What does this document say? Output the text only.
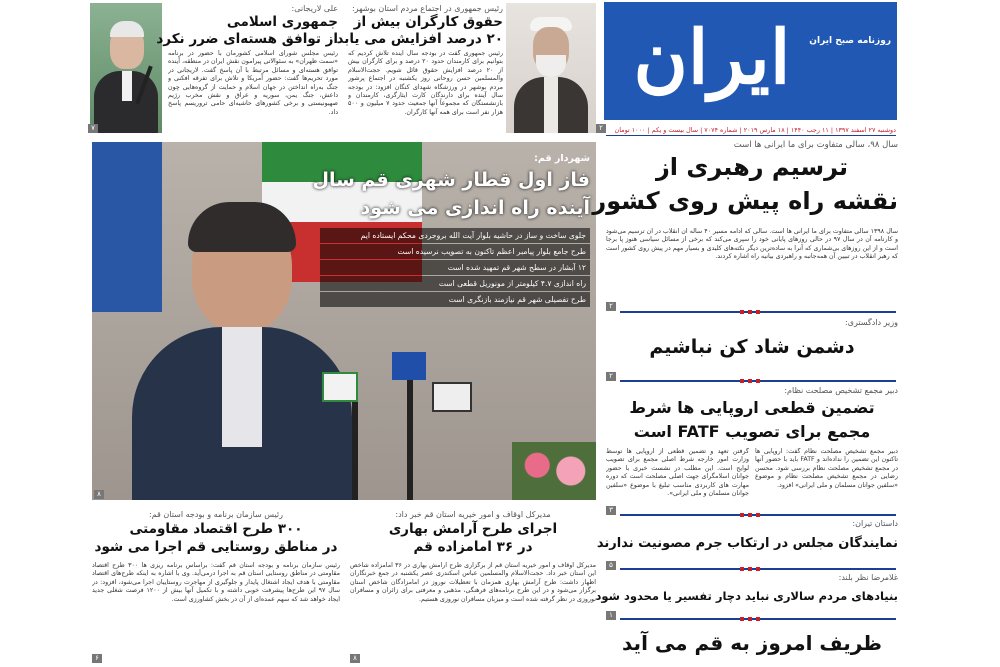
ایران	روزنامه صبح ایران
دوشنبه ۲۷ اسفند ۱۳۹۷ | ۱۱ رجب ۱۴۴۰ | ۱۸ مارس ۲۰۱۹ | شماره ۷۰۷۴ | سال بیست و یکم | ۱۰۰۰ تومان
۲
رئیس جمهوری در اجتماع مردم استان بوشهر:
حقوق کارگران بیش از
۲۰ درصد افزایش می یابد
رئیس جمهوری گفت در بودجه سال آینده تلاش کردیم که بتوانیم برای کارمندان حدود ۲۰ درصد و برای کارگران بیش از ۲۰ درصد افزایش حقوق قائل شویم. حجت‌الاسلام والمسلمین حسن روحانی روز یکشنبه در اجتماع پرشور مردم بوشهر در ورزشگاه شهدای کنگان افزود: در بودجه سال آینده برای دارندگان کارت ایثارگری، کارمندان و بازنشستگان که مجموعاً آنها جمعیت حدود ۷ میلیون و ۵۰۰ هزار نفر است برای همه آنها کارگران.
۷
علی لاریجانی:
جمهوری اسلامی
از توافق هسته‌ای ضرر نکرد
رئیس مجلس شورای اسلامی کشورمان با حضور در برنامه «سمت ظهران» به سئوالاتی پیرامون نقش ایران در منطقه، آینده توافق هسته‌ای و مسائل مرتبط با آن پاسخ گفت. لاریجانی در مورد تحریم‌ها گفت: حضور آمریکا و تلاش برای تفرقه افکنی و جنگ به‌راه انداختن در جهان اسلام و حمایت از گروه‌هایی چون داعش، جنگ یمن، سوریه و عراق و نقش مخرب رژیم صهیونیستی و برخی کشورهای حاشیه‌ای حامی تروریسم پاسخ داد.
۸
شهردار قم:
فاز اول قطار شهری قم سال
آینده راه اندازی می شود
جلوی ساخت و ساز در حاشیه بلوار آیت الله بروجردی محکم ایستاده ایم
طرح جامع بلوار پیامبر اعظم تاکنون به تصویب نرسیده است
۱۲ آبشار در سطح شهر قم تمهید شده است
راه اندازی ۴.۷ کیلومتر از مونوریل قطعی است
طرح تفصیلی شهر قم نیازمند بازنگری است
سال ۹۸، سالی متفاوت برای ما ایرانی ها است
ترسیم رهبری از
نقشه راه پیش روی کشور
سال ۱۳۹۸ سالی متفاوت برای ما ایرانی ها است. سالی که ادامه مسیر ۴۰ ساله آن انقلاب در آن ترسیم می‌شود و کارنامه آن در سال ۹۷ در حالی روزهای پایانی خود را سپری می‌کند که برخی از مسائل سیاسی هنوز پا برجا است و از این روزهای بی‌شماری که آنرا به ساده‌ترین دیگر نکته‌های کلیدی و بسیار مهم در پیش روی کشور است که رهبر انقلاب در تبیین آن همه‌جانبه و راهبردی بیانیه راه اشاره کردند.
۲
وزیر دادگستری:
دشمن شاد کن نباشیم
۲
دبیر مجمع تشخیص مصلحت نظام:
تضمین قطعی اروپایی ها شرط
مجمع برای تصویب FATF است
دبیر مجمع تشخیص مصلحت نظام گفت: اروپایی ها تاکنون این تضمین را نداده‌اند و FATF باید با حضور آنها در مجمع تشخیص مصلحت نظام بررسی شود. محسن رضایی در مجمع تشخیص مصلحت نظام و موضوع «سلفین جوانان مسلمان و ملی ایرانی» افزود.
گرفتن تعهد و تضمین قطعی از اروپایی ها توسط وزارت امور خارجه شرط اصلی مجمع برای تصویب لوایح است. این مطلب در نشست خبری با حضور جوانان اسلامگرای جهت اصلی مصلحت است که دوره مهارت های کاربردی مناسب تبلیغ با موضوع «سلفین جوانان مسلمان و ملی ایرانی».
۳
داستان تیران:
نمایندگان مجلس در ارتکاب جرم مصونیت ندارند
۵
غلامرضا نظر بلند:
بنیادهای مردم سالاری نباید دچار تفسیر یا محدود شود
۱
ظریف امروز به قم می آید
مدیرکل اوقاف و امور خیریه استان قم خبر داد:
اجرای طرح آرامش بهاری
در ۳۶ امامزاده قم
مدیرکل اوقاف و امور خیریه استان قم از برگزاری طرح آرامش بهاری در ۳۶ امامزاده شاخص این استان خبر داد. حجت‌الاسلام والمسلمین عباس اسکندری عصر یکشنبه در جمع خبرنگاران اظهار داشت: طرح آرامش بهاری همزمان با تعطیلات نوروز در امامزادگان شاخص استان برگزار می‌شود و در این طرح برنامه‌های فرهنگی، مذهبی و معرفتی برای زائران و مسافران نوروزی در نظر گرفته شده است و میزبان مسافران نوروزی هستیم.
۸
رئیس سازمان برنامه و بودجه استان قم:
۳۰۰ طرح اقتصاد مقاومتی
در مناطق روستایی قم اجرا می شود
رئیس سازمان برنامه و بودجه استان قم گفت: براساس برنامه ریزی ها ۳۰۰ طرح اقتصاد مقاومتی در مناطق روستایی استان قم به اجرا درمی‌آید. وی با اشاره به اینکه طرح‌های اقتصاد مقاومتی با هدف ایجاد اشتغال پایدار و جلوگیری از مهاجرت روستاییان اجرا می‌شود، افزود: در سال ۹۷ این طرح‌ها پیشرفت خوبی داشته و با تکمیل آنها بیش از ۱۲۰۰ فرصت شغلی جدید ایجاد خواهد شد که سهم عمده‌ای از آن در بخش کشاورزی است.
۶
